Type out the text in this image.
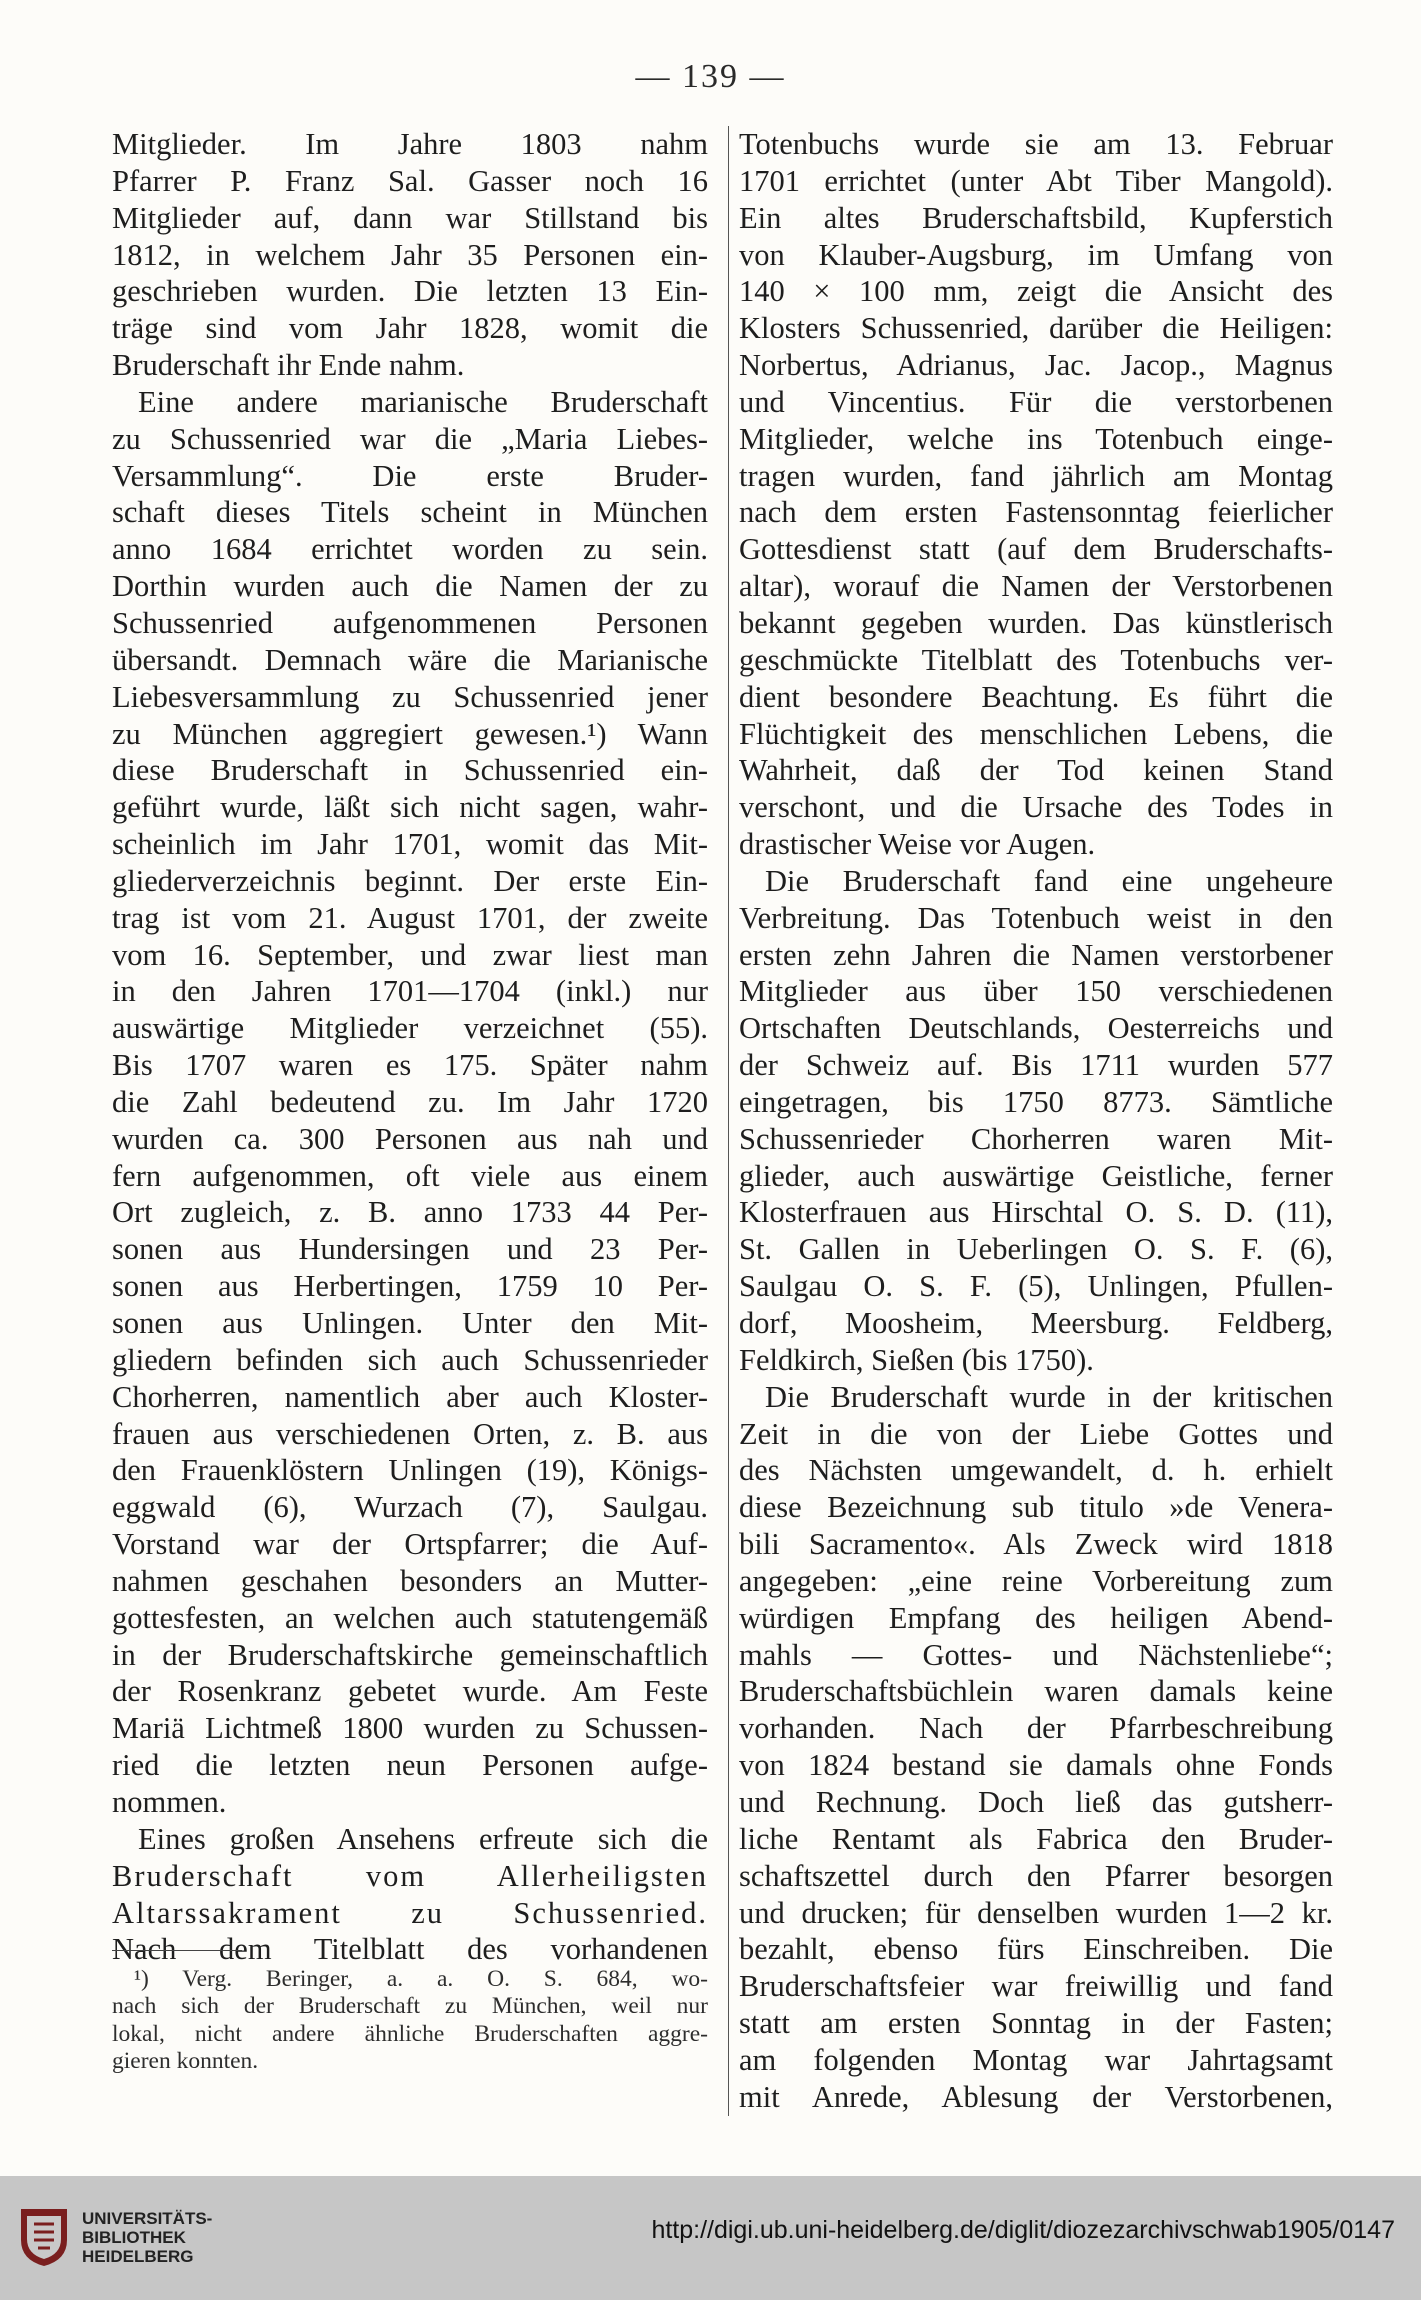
— 139 —
Mitglieder. Im Jahre 1803 nahm
Pfarrer P. Franz Sal. Gasser noch 16
Mitglieder auf, dann war Stillstand bis
1812, in welchem Jahr 35 Personen ein-
geschrieben wurden. Die letzten 13 Ein-
träge sind vom Jahr 1828, womit die
Bruderschaft ihr Ende nahm.
Eine andere marianische Bruderschaft
zu Schussenried war die „Maria Liebes-
Versammlung“. Die erste Bruder-
schaft dieses Titels scheint in München
anno 1684 errichtet worden zu sein.
Dorthin wurden auch die Namen der zu
Schussenried aufgenommenen Personen
übersandt. Demnach wäre die Marianische
Liebesversammlung zu Schussenried jener
zu München aggregiert gewesen.¹) Wann
diese Bruderschaft in Schussenried ein-
geführt wurde, läßt sich nicht sagen, wahr-
scheinlich im Jahr 1701, womit das Mit-
gliederverzeichnis beginnt. Der erste Ein-
trag ist vom 21. August 1701, der zweite
vom 16. September, und zwar liest man
in den Jahren 1701—1704 (inkl.) nur
auswärtige Mitglieder verzeichnet (55).
Bis 1707 waren es 175. Später nahm
die Zahl bedeutend zu. Im Jahr 1720
wurden ca. 300 Personen aus nah und
fern aufgenommen, oft viele aus einem
Ort zugleich, z. B. anno 1733 44 Per-
sonen aus Hundersingen und 23 Per-
sonen aus Herbertingen, 1759 10 Per-
sonen aus Unlingen. Unter den Mit-
gliedern befinden sich auch Schussenrieder
Chorherren, namentlich aber auch Kloster-
frauen aus verschiedenen Orten, z. B. aus
den Frauenklöstern Unlingen (19), Königs-
eggwald (6), Wurzach (7), Saulgau.
Vorstand war der Ortspfarrer; die Auf-
nahmen geschahen besonders an Mutter-
gottesfesten, an welchen auch statutengemäß
in der Bruderschaftskirche gemeinschaftlich
der Rosenkranz gebetet wurde. Am Feste
Mariä Lichtmeß 1800 wurden zu Schussen-
ried die letzten neun Personen aufge-
nommen.
Eines großen Ansehens erfreute sich die
Bruderschaft vom Allerheiligsten
Altarssakrament zu Schussenried.
Nach dem Titelblatt des vorhandenen
Totenbuchs wurde sie am 13. Februar
1701 errichtet (unter Abt Tiber Mangold).
Ein altes Bruderschaftsbild, Kupferstich
von Klauber-Augsburg, im Umfang von
140 × 100 mm, zeigt die Ansicht des
Klosters Schussenried, darüber die Heiligen:
Norbertus, Adrianus, Jac. Jacop., Magnus
und Vincentius. Für die verstorbenen
Mitglieder, welche ins Totenbuch einge-
tragen wurden, fand jährlich am Montag
nach dem ersten Fastensonntag feierlicher
Gottesdienst statt (auf dem Bruderschafts-
altar), worauf die Namen der Verstorbenen
bekannt gegeben wurden. Das künstlerisch
geschmückte Titelblatt des Totenbuchs ver-
dient besondere Beachtung. Es führt die
Flüchtigkeit des menschlichen Lebens, die
Wahrheit, daß der Tod keinen Stand
verschont, und die Ursache des Todes in
drastischer Weise vor Augen.
Die Bruderschaft fand eine ungeheure
Verbreitung. Das Totenbuch weist in den
ersten zehn Jahren die Namen verstorbener
Mitglieder aus über 150 verschiedenen
Ortschaften Deutschlands, Oesterreichs und
der Schweiz auf. Bis 1711 wurden 577
eingetragen, bis 1750 8773. Sämtliche
Schussenrieder Chorherren waren Mit-
glieder, auch auswärtige Geistliche, ferner
Klosterfrauen aus Hirschtal O. S. D. (11),
St. Gallen in Ueberlingen O. S. F. (6),
Saulgau O. S. F. (5), Unlingen, Pfullen-
dorf, Moosheim, Meersburg. Feldberg,
Feldkirch, Sießen (bis 1750).
Die Bruderschaft wurde in der kritischen
Zeit in die von der Liebe Gottes und
des Nächsten umgewandelt, d. h. erhielt
diese Bezeichnung sub titulo »de Venera-
bili Sacramento«. Als Zweck wird 1818
angegeben: „eine reine Vorbereitung zum
würdigen Empfang des heiligen Abend-
mahls — Gottes- und Nächstenliebe“;
Bruderschaftsbüchlein waren damals keine
vorhanden. Nach der Pfarrbeschreibung
von 1824 bestand sie damals ohne Fonds
und Rechnung. Doch ließ das gutsherr-
liche Rentamt als Fabrica den Bruder-
schaftszettel durch den Pfarrer besorgen
und drucken; für denselben wurden 1—2 kr.
bezahlt, ebenso fürs Einschreiben. Die
Bruderschaftsfeier war freiwillig und fand
statt am ersten Sonntag in der Fasten;
am folgenden Montag war Jahrtagsamt
mit Anrede, Ablesung der Verstorbenen,
¹) Verg. Beringer, a. a. O. S. 684, wo-
nach sich der Bruderschaft zu München, weil nur
lokal, nicht andere ähnliche Bruderschaften aggre-
gieren konnten.
UNIVERSITÄTS-
BIBLIOTHEK
HEIDELBERG
http://digi.ub.uni-heidelberg.de/diglit/diozezarchivschwab1905/0147
